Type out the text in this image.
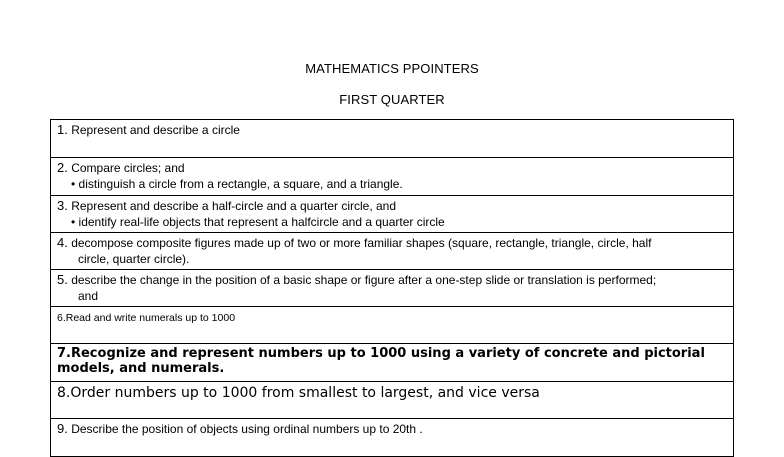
MATHEMATICS PPOINTERS
FIRST QUARTER
1. Represent and describe a circle
2. Compare circles; and
• distinguish a circle from a rectangle, a square, and a triangle.

3. Represent and describe a half-circle and a quarter circle, and
• identify real-life objects that represent a halfcircle and a quarter circle

4. decompose composite figures made up of two or more familiar shapes (square, rectangle, triangle, circle, half
circle, quarter circle).

5. describe the change in the position of a basic shape or figure after a one-step slide or translation is performed;
and

6.Read and write numerals up to 1000

7.Recognize and represent numbers up to 1000 using a variety of concrete and pictorial models, and numerals.

8.Order numbers up to 1000 from smallest to largest, and vice versa
9. Describe the position of objects using ordinal numbers up to 20th .
